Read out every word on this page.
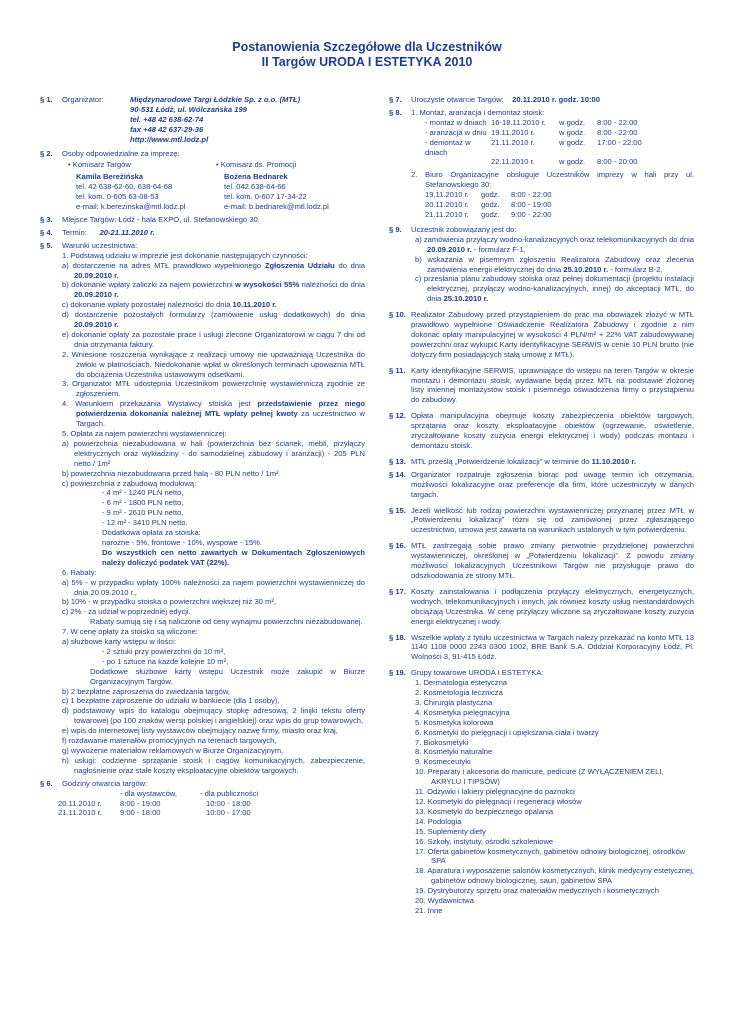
Postanowienia Szczegółowe dla Uczestników
II Targów URODA I ESTETYKA 2010
§ 1. Organizator:	Międzynarodowe Targi Łódzkie Sp. z o.o. (MTŁ)
90-531 Łódź, ul. Wólczańska 199
tel. +48 42 638-62-74
fax +48 42 637-29-36
http://www.mtl.lodz.pl
§ 2. Osoby odpowiedzialne za imprezę:
• Komisarz Targów
Kamila Bereżińska
tel. 42 638-62-60, 638-64-68
tel. kom. 0-605 63-08-53
e-mail: k.berezinska@mtl.lodz.pl
• Komisarz ds. Promocji
Bożena Bednarek
tel. 042 638-64-66
tel. kom. 0-607 17-34-22
e-mail: b.bednarek@mtl.lodz.pl
§ 3. Miejsce Targów: Łódź - hala EXPO, ul. Stefanowskiego 30.
§ 4. Termin: 20-21.11.2010 r.
§ 5. Warunki uczestnictwa:
1. Podstawą udziału w imprezie jest dokonanie następujących czynności:
a) dostarczenie na adres MTŁ prawidłowo wypełnionego Zgłoszenia Udziału do dnia 20.09.2010 r.
b) dokonanie wpłaty zaliczki za najem powierzchni w wysokości 55% należności do dnia 20.09.2010 r.
c) dokonanie wpłaty pozostałej należności do dnia 10.11.2010 r.
d) dostarczenie pozostałych formularzy (zamówienie usług dodatkowych) do dnia 20.09.2010 r.
e) dokonanie opłaty za pozostałe prace i usługi zlecone Organizatorowi w ciągu 7 dni od dnia otrzymania faktury.
2. Wniesione roszczenia wynikające z realizacji umowy nie upoważniają Uczestnika do zwłoki w płatnościach. Niedokonanie wpłat w określonych terminach upoważnia MTŁ do obciążenia Uczestnika ustawowymi odsetkami.
3. Organizator MTŁ udostępnia Uczestnikom powierzchnię wystawienniczą zgodnie ze zgłoszeniem.
4. Warunkiem przekazania Wystawcy stoiska jest przedstawienie przez niego potwierdzenia dokonania należnej MTŁ wpłaty pełnej kwoty za uczestnictwo w Targach.
5. Opłata za najem powierzchni wystawienniczej:
a) powierzchnia niezabudowana w hali (powierzchnia bez ścianek, mebli, przyłączy elektrycznych oraz wykładziny - do samodzielnej zabudowy i aranżacji) - 205 PLN netto / 1m²
b) powierzchnia niezabudowana przed halą - 80 PLN netto / 1m²
c) powierzchnia z zabudową modułową:
- 4 m² - 1240 PLN netto,
- 6 m² - 1800 PLN netto,
- 9 m² - 2610 PLN netto,
- 12 m² - 3410 PLN netto.
Dodatkowa opłata za stoiska:
narożne - 5%, frontowe - 10%, wyspowe - 15%.
Do wszystkich cen netto zawartych w Dokumentach Zgłoszeniowych należy doliczyć podatek VAT (22%).
6. Rabaty:
a) 5% - w przypadku wpłaty 100% należności za najem powierzchni wystawienniczej do dnia 20.09.2010 r.,
b) 10% - w przypadku stoiska o powierzchni większej niż 30 m²,
c) 2% - za udział w poprzedniej edycji.
Rabaty sumują się i są naliczone od ceny wynajmu powierzchni niezabudowanej.
7. W cenę opłaty za stoisko są wliczone:
a) służbowe karty wstępu w ilości:
- 2 sztuki przy powierzchni do 10 m²,
- po 1 sztuce na każde kolejne 10 m²,
Dodatkowe służbowe karty wstępu Uczestnik może zakupić w Biurze Organizacyjnym Targów.
b) 2 bezpłatne zaproszenia do zwiedzania targów,
c) 1 bezpłatne zaproszenie do udziału w bankiecie (dla 1 osoby),
d) podstawowy wpis do katalogu obejmujący stopkę adresową, 2 linijki tekstu oferty towarowej (po 100 znaków wersji polskiej i angielskiej) oraz wpis do grup towarowych,
e) wpis do internetowej listy wystawców obejmujący nazwę firmy, miasto oraz kraj,
f) rozdawanie materiałów promocyjnych na terenach targowych,
g) wywożenie materiałów reklamowych w Biurze Organizacyjnym,
h) usługi: codzienne sprzątanie stoisk i ciągów komunikacyjnych, zabezpieczenie, nagłośnienie oraz stałe koszty eksploatacyjne obiektów targowych.
§ 6. Godziny otwarcia targów:
- dla wystawców,	- dla publiczności
20.11.2010 r.	8:00 - 19:00	10:00 - 18:00
21.11.2010 r.	9:00 - 18:00	10:00 - 17:00
§ 7. Uroczyste otwarcie Targów: 20.11.2010 r. godz. 10:00
§ 8. 1. Montaż, aranżacja i demontaż stoisk:
- montaż w dniach 16-18.11.2010 r.	w godz.	8:00 - 22:00
- aranżacja w dniu 19.11.2010 r.	w godz.	8:00 - 22:00
- demontaż w dniach
21.11.2010 r.	w godz.	17:00 - 22:00
22.11.2010 r.	w godz.	8:00 - 20:00
2. Biuro Organizacyjne obsługuje Uczestników imprezy w hali przy ul. Stefanowskiego 30:
19.11.2010 r.	godz.	8:00 - 22:00
20.11.2010 r.	godz.	8:00 - 19:00
21.11.2010 r.	godz.	9:00 - 22:00
§ 9. Uczestnik zobowiązany jest do:
a) zamówienia przyłączy wodno-kanalizacyjnych oraz telekomunikacyjnych do dnia 20.09.2010 r. - formularz F-1,
b) wskazania w pisemnym zgłoszeniu Realizatora Zabudowy oraz zlecenia zamówienia energii elektrycznej do dnia 25.10.2010 r. - formularz B-2,
c) przesłania planu zabudowy stoiska oraz pełnej dokumentacji (projektu instalacji elektrycznej, przyłączy wodno-kanalizacyjnych, innej) do akceptacji MTŁ, do dnia 25.10.2010 r.
§ 10. Realizator Zabudowy przed przystąpieniem do prac ma obowiązek złożyć w MTŁ prawidłowo wypełnione Oświadczenie Realizatora Zabudowy i zgodnie z nim dokonać opłaty manipulacyjnej w wysokości 4 PLN/m² + 22% VAT zabudowywanej powierzchni oraz wykupić Karty identyfikacyjne SERWIS w cenie 10 PLN brutto (nie dotyczy firm posiadających stałą umowę z MTŁ).
§ 11. Karty identyfikacyjne SERWIS, uprawniające do wstępu na teren Targów w okresie montażu i demontażu stoisk, wydawane będą przez MTŁ na podstawie złożonej listy imiennej montażystów stoisk i pisemnego oświadczenia firmy o przystąpieniu do zabudowy.
§ 12. Opłata manipulacyjna obejmuje koszty zabezpieczenia obiektów targowych, sprzątania oraz koszty eksploatacyjne obiektów (ogrzewanie, oświetlenie, zryczałtowane koszty zużycia energii elektrycznej i wody) podczas montażu i demontażu stoisk.
§ 13. MTŁ prześlą „Potwierdzenie lokalizacji” w terminie do 11.10.2010 r.
§ 14. Organizator rozpatruje zgłoszenia biorąc pod uwagę termin ich otrzymania, możliwości lokalizacyjne oraz preferencje dla firm, które uczestniczyły w danych targach.
§ 15. Jeżeli wielkość lub rodzaj powierzchni wystawienniczej przyznanej przez MTŁ w „Potwierdzeniu lokalizacji” różni się od zamówionej przez zgłaszającego uczestnictwo, umowa jest zawarta na warunkach ustalonych w tym potwierdzeniu.
§ 16. MTŁ zastrzegają sobie prawo zmiany pierwotnie przydzielonej powierzchni wystawienniczej, określonej w „Potwierdzeniu lokalizacji”. Z powodu zmiany możliwości lokalizacyjnych Uczestnikowi Targów nie przysługuje prawo do odszkodowania ze strony MTŁ.
§ 17. Koszty zainstalowania i podłączenia przyłączy elektrycznych, energetycznych, wodnych, telekomunikacyjnych i innych, jak również koszty usług niestandardowych obciążają Uczestnika. W cenę przyłączy wliczone są zryczałtowane koszty zużycia energii elektrycznej i wody.
§ 18. Wszelkie wpłaty z tytułu uczestnictwa w Targach należy przekazać na konto MTŁ 13 1140 1108 0000 2243 0300 1002, BRE Bank S.A. Oddział Korporacyjny Łódź, Pl. Wolności 3, 91-415 Łódź.
§ 19. Grupy towarowe URODA I ESTETYKA:
1. Dermatologia estetyczna
2. Kosmetologia lecznicza
3. Chirurgia plastyczna
4. Kosmetyka pielęgnacyjna
5. Kosmetyka kolorowa
6. Kosmetyki do pielęgnacji i upiększania ciała i twarzy
7. Biokosmetyki
8. Kosmetyki naturalne
9. Kosmeceutyki
10. Preparaty i akcesoria do manicure, pedicure (Z WYŁĄCZENIEM ZELI, AKRYLU I TIPSÓW)
11. Odżywki i lakiery pielęgnacyjne do paznokci
12. Kosmetyki do pielęgnacji i regeneracji włosów
13. Kosmetyki do bezpiecznego opalania
14. Podologia
15. Suplementy diety
16. Szkoły, instytuty, ośrodki szkoleniowe
17. Oferta gabinetów kosmetycznych, gabinetów odnowy biologicznej, ośrodków SPA
18. Aparatura i wyposażenie salonów kosmetycznych, klinik medycyny estetycznej, gabinetów odnowy biologicznej, saun, gabinetów SPA
19. Dystrybutorzy sprzętu oraz materiałów medycznych i kosmetycznych
20. Wydawnictwa
21. Inne
